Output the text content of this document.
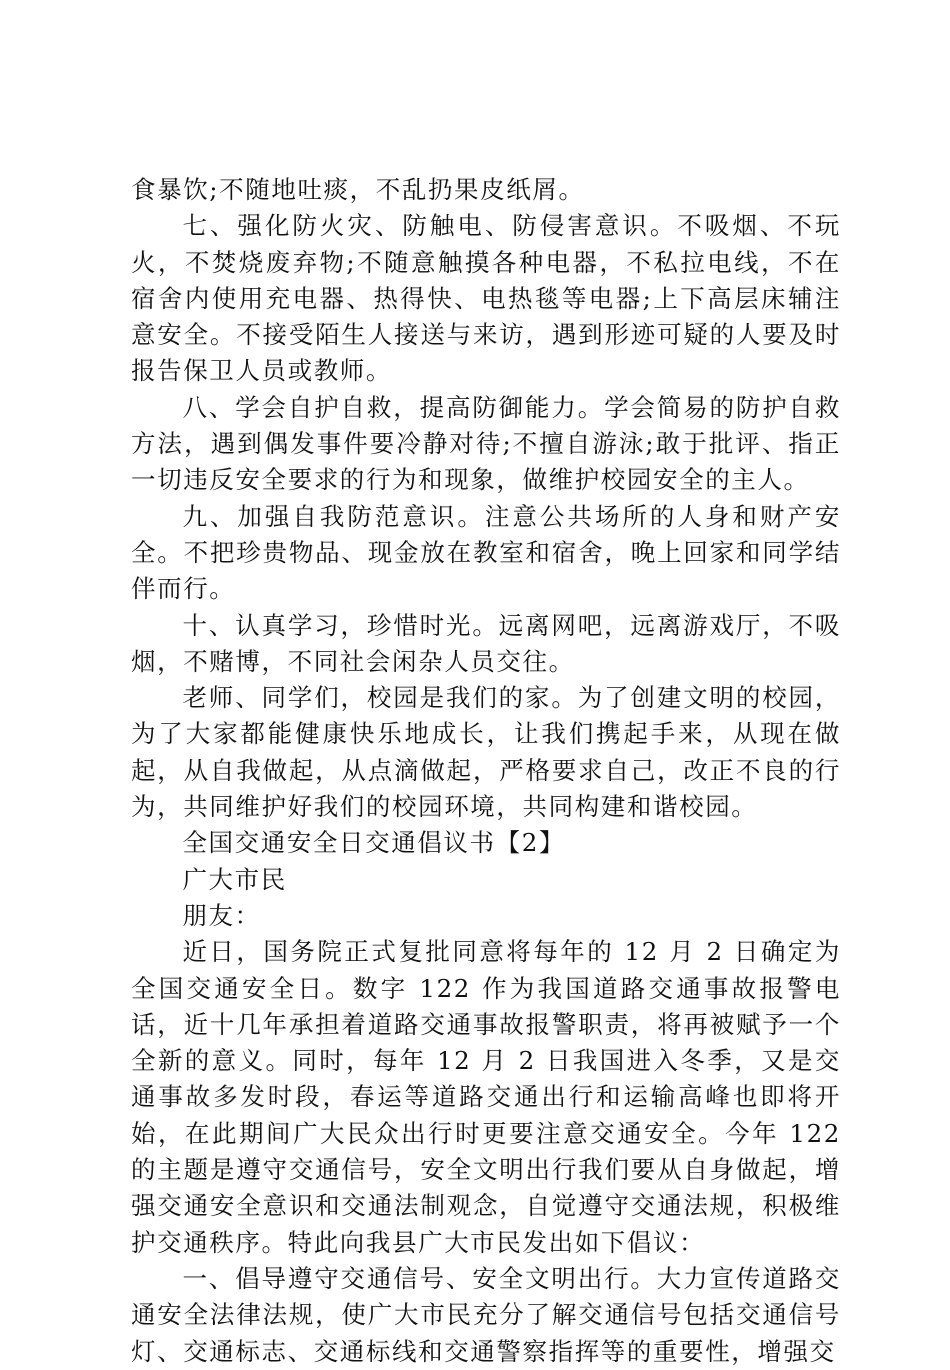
食暴饮;不随地吐痰，不乱扔果皮纸屑。

七、强化防火灾、防触电、防侵害意识。不吸烟、不玩火，不焚烧废弃物;不随意触摸各种电器，不私拉电线，不在宿舍内使用充电器、热得快、电热毯等电器;上下高层床辅注意安全。不接受陌生人接送与来访，遇到形迹可疑的人要及时报告保卫人员或教师。

八、学会自护自救，提高防御能力。学会简易的防护自救方法，遇到偶发事件要冷静对待;不擅自游泳;敢于批评、指正一切违反安全要求的行为和现象，做维护校园安全的主人。

九、加强自我防范意识。注意公共场所的人身和财产安全。不把珍贵物品、现金放在教室和宿舍，晚上回家和同学结伴而行。

十、认真学习，珍惜时光。远离网吧，远离游戏厅，不吸烟，不赌博，不同社会闲杂人员交往。

老师、同学们，校园是我们的家。为了创建文明的校园，为了大家都能健康快乐地成长，让我们携起手来，从现在做起，从自我做起，从点滴做起，严格要求自己，改正不良的行为，共同维护好我们的校园环境，共同构建和谐校园。

全国交通安全日交通倡议书【2】

广大市民

朋友：

近日，国务院正式复批同意将每年的 12 月 2 日确定为全国交通安全日。数字 122 作为我国道路交通事故报警电话，近十几年承担着道路交通事故报警职责，将再被赋予一个全新的意义。同时，每年 12 月 2 日我国进入冬季，又是交通事故多发时段，春运等道路交通出行和运输高峰也即将开始，在此期间广大民众出行时更要注意交通安全。今年 122 的主题是遵守交通信号，安全文明出行我们要从自身做起，增强交通安全意识和交通法制观念，自觉遵守交通法规，积极维护交通秩序。特此向我县广大市民发出如下倡议：

一、倡导遵守交通信号、安全文明出行。大力宣传道路交通安全法律法规，使广大市民充分了解交通信号包括交通信号灯、交通标志、交通标线和交通警察指挥等的重要性，增强交
